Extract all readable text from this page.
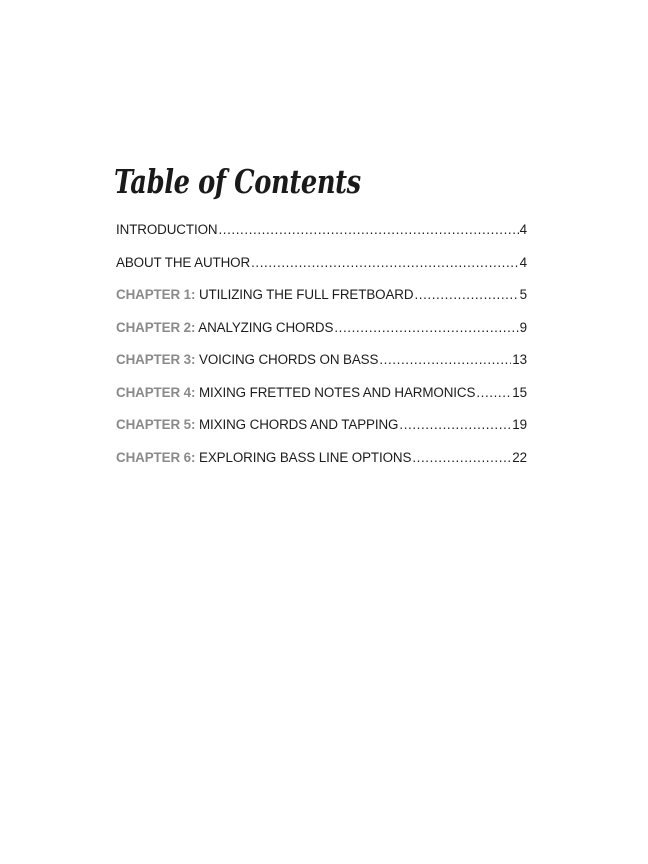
Table of Contents
INTRODUCTION .....	4
ABOUT THE AUTHOR .....	4
CHAPTER 1: UTILIZING THE FULL FRETBOARD .....	5
CHAPTER 2: ANALYZING CHORDS .....	9
CHAPTER 3: VOICING CHORDS ON BASS .....	13
CHAPTER 4: MIXING FRETTED NOTES AND HARMONICS .....	15
CHAPTER 5: MIXING CHORDS AND TAPPING .....	19
CHAPTER 6: EXPLORING BASS LINE OPTIONS .....	22
